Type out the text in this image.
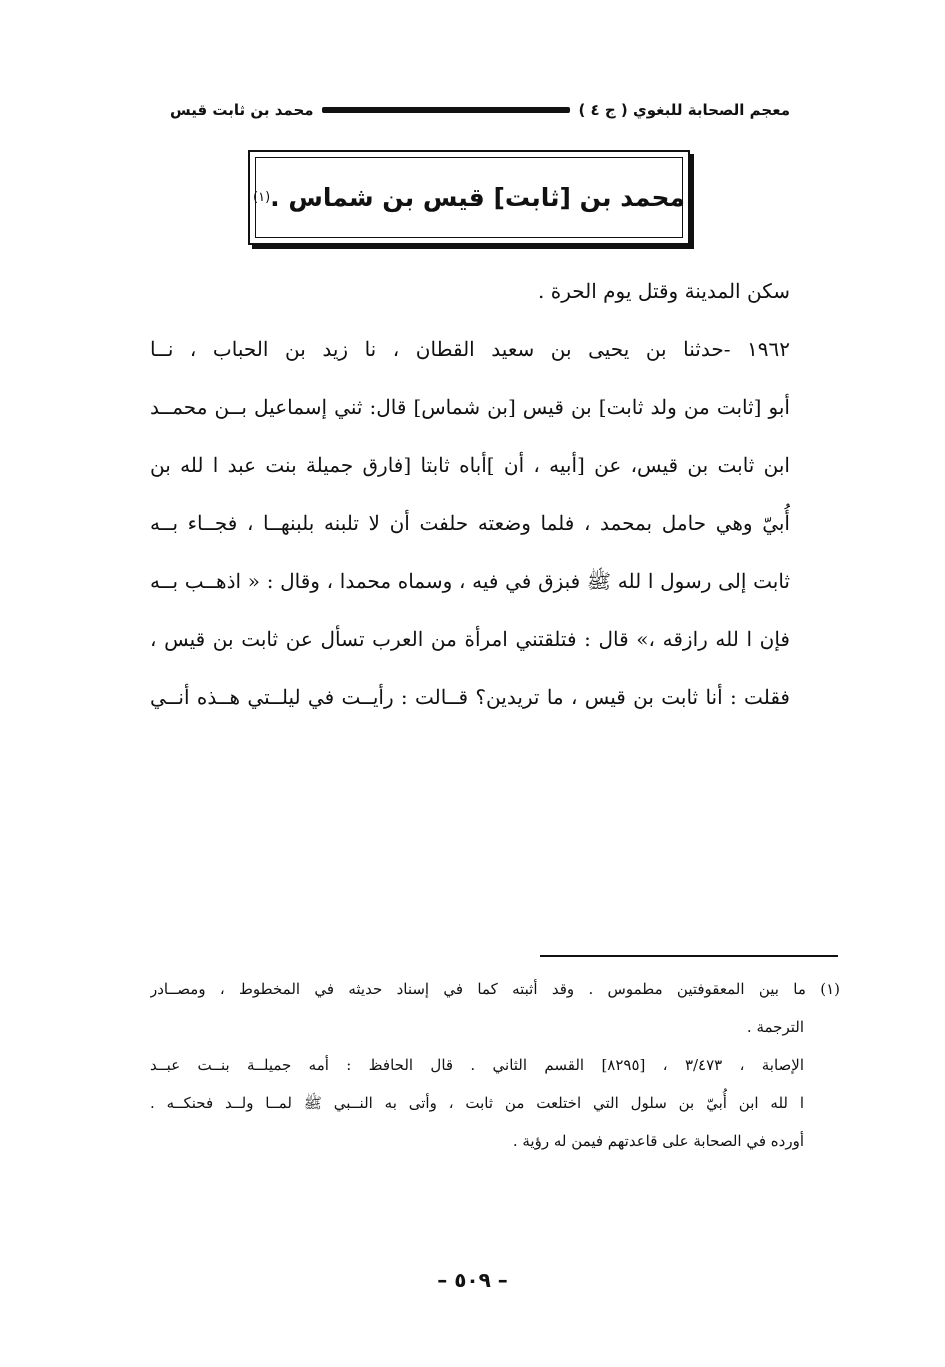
معجم الصحابة للبغوي ( ج ٤ )
محمد بن ثابت قيس
محمد بن [ثابت] قيس بن شماس .
(١)
سكن المدينة وقتل يوم الحرة .
١٩٦٢ -حدثنا بن يحيى بن سعيد القطان ، نا زيد بن الحباب ، نــا
أبو [ثابت من ولد ثابت] بن قيس [بن شماس] قال: ثني إسماعيل بــن محمــد
ابن ثابت بن قيس، عن [أبيه ، أن ]أباه ثابتا [فارق جميلة بنت عبد ا لله بن
أُبيّ وهي حامل بمحمد ، فلما وضعته حلفت أن لا تلبنه بلبنهــا ، فجــاء بــه
ثابت إلى رسول ا لله ﷺ فبزق في فيه ، وسماه محمدا ، وقال : « اذهــب بــه
فإن ا لله رازقه ،» قال : فتلقتني امرأة من العرب تسأل عن ثابت بن قيس ،
فقلت : أنا ثابت بن قيس ، ما تريدين؟ قــالت : رأيــت في ليلــتي هــذه أنــي
(١) ما بين المعقوفتين مطموس . وقد أثبته كما في إسناد حديثه في المخطوط ، ومصــادر
الترجمة .
الإصابة ، ٣/٤٧٣ ، [٨٢٩٥] القسم الثاني . قال الحافظ : أمه جميلــة بنــت عبــد
ا لله ابن أُبيّ بن سلول التي اختلعت من ثابت ، وأتى به النــبي ﷺ لمــا ولــد فحنكــه .
أورده في الصحابة على قاعدتهم فيمن له رؤية .
– ٥٠٩ –
